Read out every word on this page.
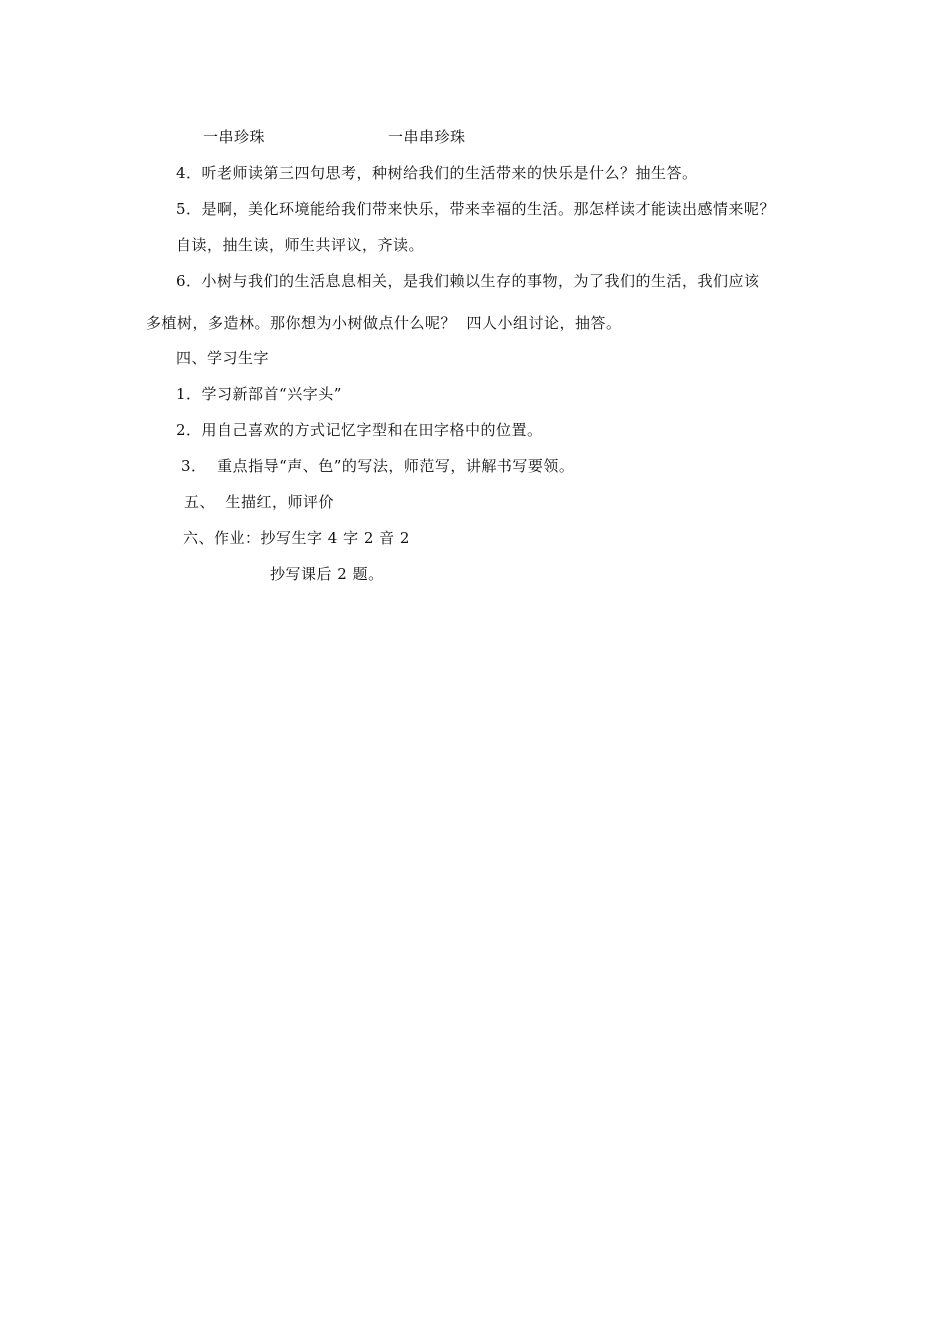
一串珍珠	一串串珍珠
4．听老师读第三四句思考，种树给我们的生活带来的快乐是什么？抽生答。
5．是啊，美化环境能给我们带来快乐，带来幸福的生活。那怎样读才能读出感情来呢？
自读，抽生读，师生共评议，齐读。
6．小树与我们的生活息息相关，是我们赖以生存的事物，为了我们的生活，我们应该
多植树，多造林。那你想为小树做点什么呢？  四人小组讨论，抽答。
四、学习生字
1．学习新部首“兴字头”
2．用自己喜欢的方式记忆字型和在田字格中的位置。
3．  重点指导“声、色”的写法，师范写，讲解书写要领。
五、  生描红，师评价
六、作业：抄写生字 4 字 2 音 2
抄写课后 2 题。
